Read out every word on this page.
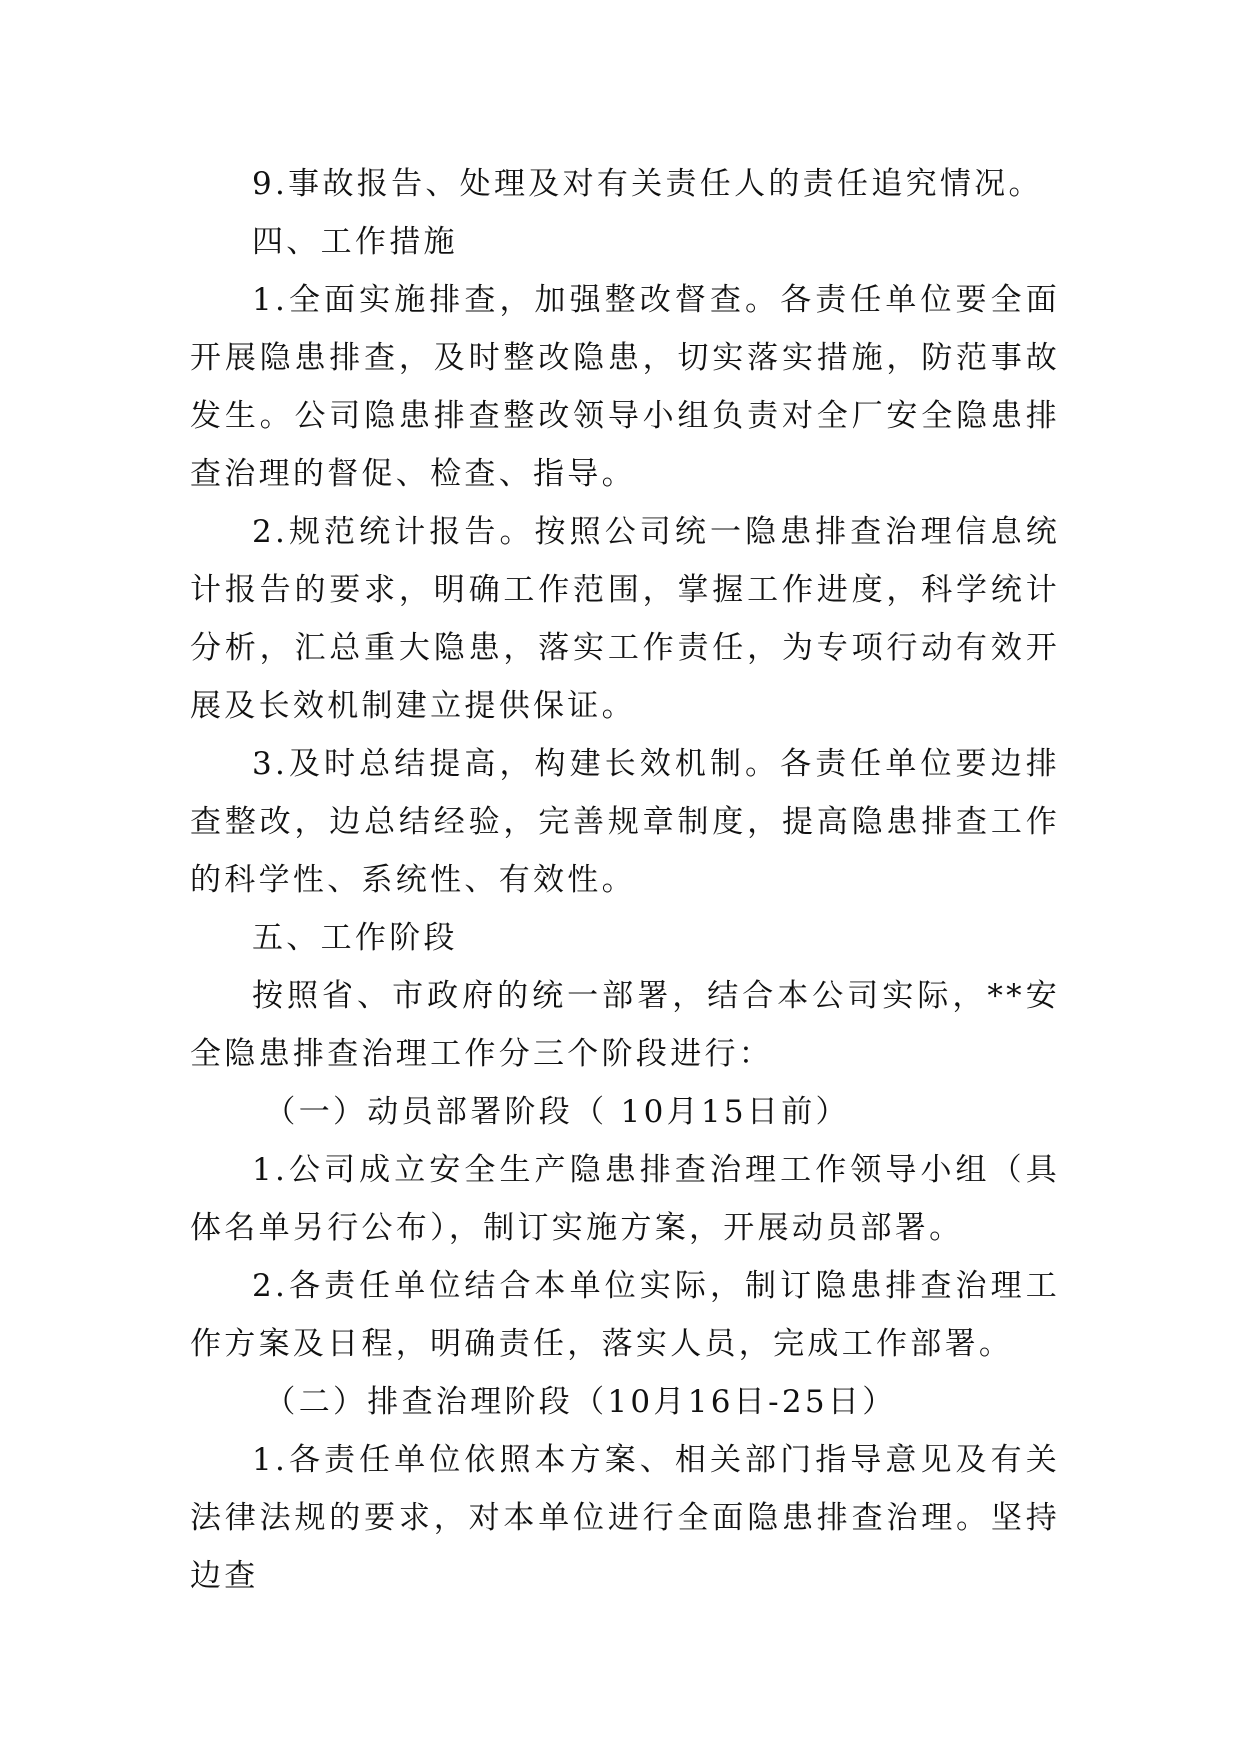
9.事故报告、处理及对有关责任人的责任追究情况。

四、工作措施

1.全面实施排查，加强整改督查。各责任单位要全面开展隐患排查，及时整改隐患，切实落实措施，防范事故发生。公司隐患排查整改领导小组负责对全厂安全隐患排查治理的督促、检查、指导。

2.规范统计报告。按照公司统一隐患排查治理信息统计报告的要求，明确工作范围，掌握工作进度，科学统计分析，汇总重大隐患，落实工作责任，为专项行动有效开展及长效机制建立提供保证。

3.及时总结提高，构建长效机制。各责任单位要边排查整改，边总结经验，完善规章制度，提高隐患排查工作的科学性、系统性、有效性。

五、工作阶段

按照省、市政府的统一部署，结合本公司实际，**安全隐患排查治理工作分三个阶段进行：

（一）动员部署阶段（ 10月15日前）

1.公司成立安全生产隐患排查治理工作领导小组（具体名单另行公布），制订实施方案，开展动员部署。

2.各责任单位结合本单位实际，制订隐患排查治理工作方案及日程，明确责任，落实人员，完成工作部署。

（二）排查治理阶段（10月16日-25日）

1.各责任单位依照本方案、相关部门指导意见及有关法律法规的要求，对本单位进行全面隐患排查治理。坚持边查
